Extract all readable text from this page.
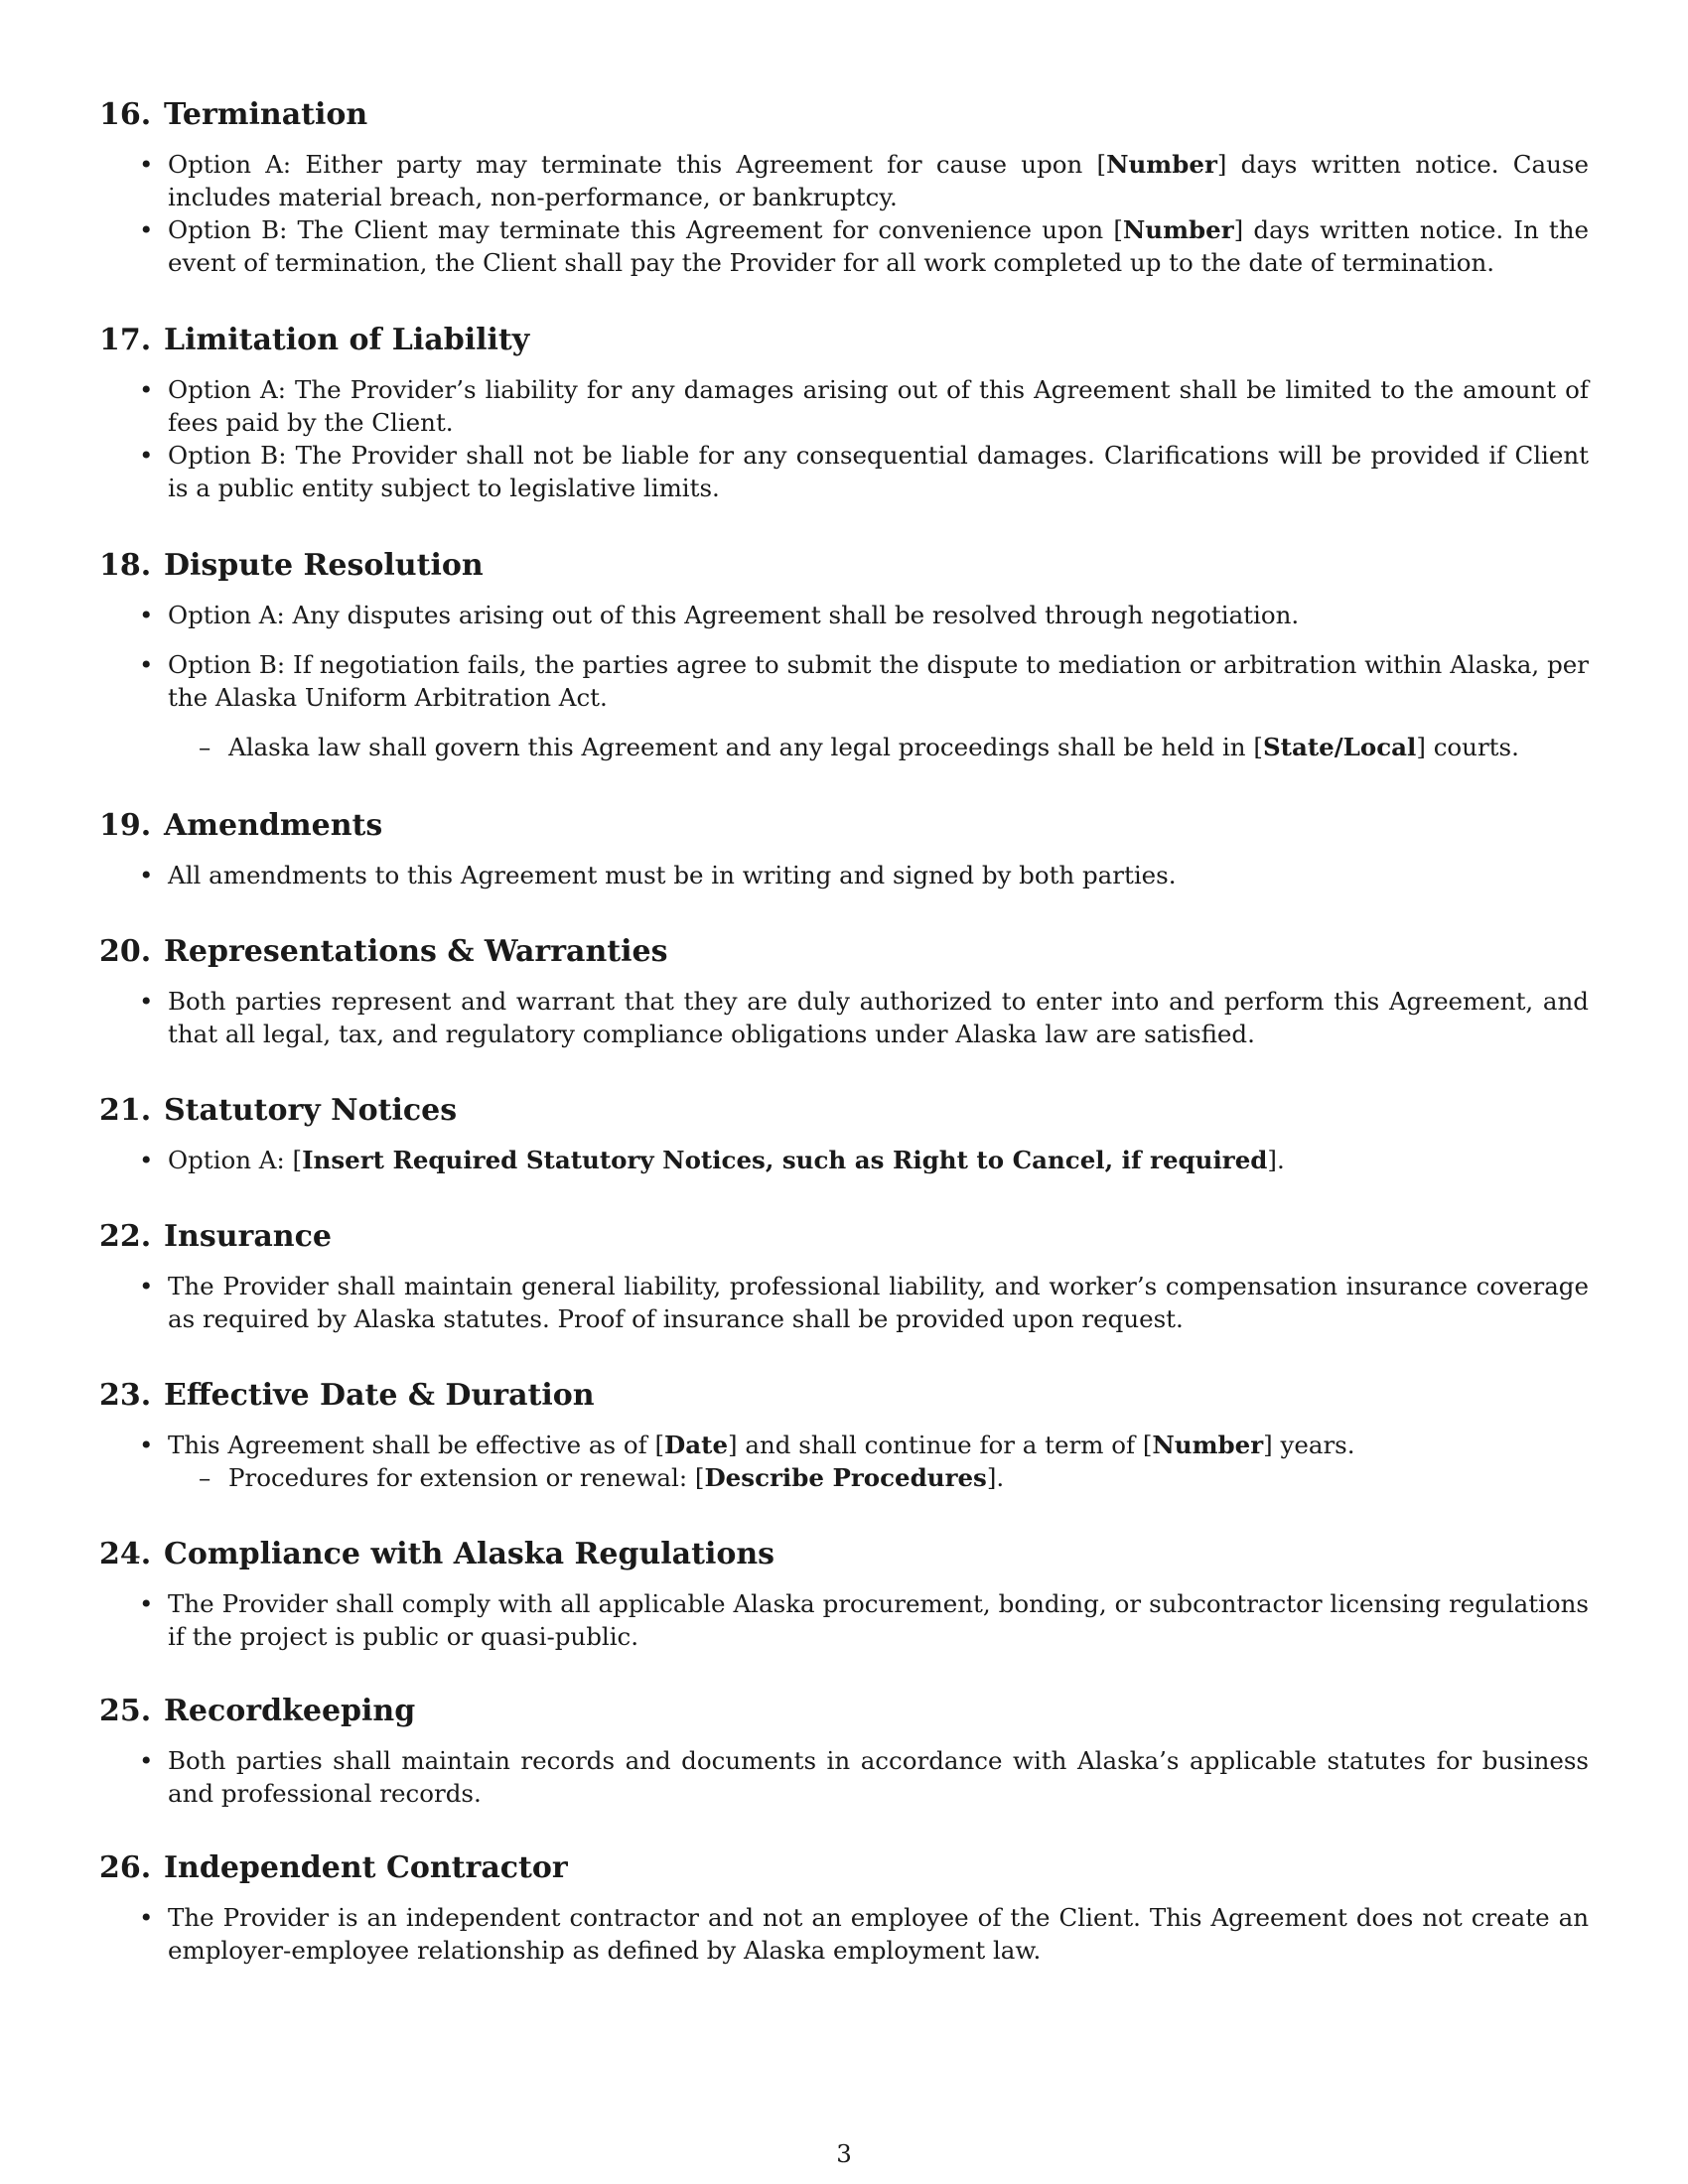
16. Termination
• Option A: Either party may terminate this Agreement for cause upon [Number] days written notice. Cause includes material breach, non-performance, or bankruptcy.
• Option B: The Client may terminate this Agreement for convenience upon [Number] days written notice. In the event of termination, the Client shall pay the Provider for all work completed up to the date of termination.
17. Limitation of Liability
• Option A: The Provider’s liability for any damages arising out of this Agreement shall be limited to the amount of fees paid by the Client.
• Option B: The Provider shall not be liable for any consequential damages. Clarifications will be provided if Client is a public entity subject to legislative limits.
18. Dispute Resolution
• Option A: Any disputes arising out of this Agreement shall be resolved through negotiation.
• Option B: If negotiation fails, the parties agree to submit the dispute to mediation or arbitration within Alaska, per the Alaska Uniform Arbitration Act.
– Alaska law shall govern this Agreement and any legal proceedings shall be held in [State/Local] courts.
19. Amendments
• All amendments to this Agreement must be in writing and signed by both parties.
20. Representations & Warranties
• Both parties represent and warrant that they are duly authorized to enter into and perform this Agreement, and that all legal, tax, and regulatory compliance obligations under Alaska law are satisfied.
21. Statutory Notices
• Option A: [Insert Required Statutory Notices, such as Right to Cancel, if required].
22. Insurance
• The Provider shall maintain general liability, professional liability, and worker’s compensation insurance coverage as required by Alaska statutes. Proof of insurance shall be provided upon request.
23. Effective Date & Duration
• This Agreement shall be effective as of [Date] and shall continue for a term of [Number] years.
– Procedures for extension or renewal: [Describe Procedures].
24. Compliance with Alaska Regulations
• The Provider shall comply with all applicable Alaska procurement, bonding, or subcontractor licensing regulations if the project is public or quasi-public.
25. Recordkeeping
• Both parties shall maintain records and documents in accordance with Alaska’s applicable statutes for business and professional records.
26. Independent Contractor
• The Provider is an independent contractor and not an employee of the Client. This Agreement does not create an employer-employee relationship as defined by Alaska employment law.
3
